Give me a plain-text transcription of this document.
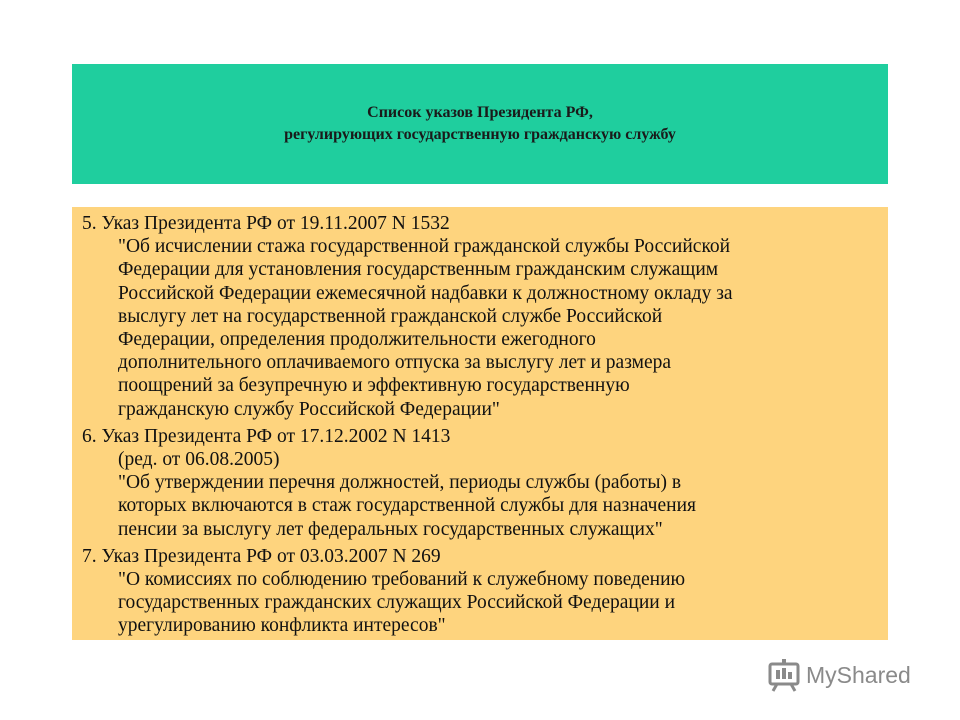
Список указов Президента РФ,
регулирующих государственную гражданскую службу
5. Указ Президента РФ от 19.11.2007 N 1532
"Об исчислении стажа государственной гражданской службы Российской
Федерации для установления государственным гражданским служащим
Российской Федерации ежемесячной надбавки к должностному окладу за
выслугу лет на государственной гражданской службе Российской
Федерации, определения продолжительности ежегодного
дополнительного оплачиваемого отпуска за выслугу лет и размера
поощрений за безупречную и эффективную государственную
гражданскую службу Российской Федерации"
6. Указ Президента РФ от 17.12.2002 N 1413
(ред. от 06.08.2005)
"Об утверждении перечня должностей, периоды службы (работы) в
которых включаются в стаж государственной службы для назначения
пенсии за выслугу лет федеральных государственных служащих"
7. Указ Президента РФ от 03.03.2007 N 269
"О комиссиях по соблюдению требований к служебному поведению
государственных гражданских служащих Российской Федерации и
урегулированию конфликта интересов"
MyShared
